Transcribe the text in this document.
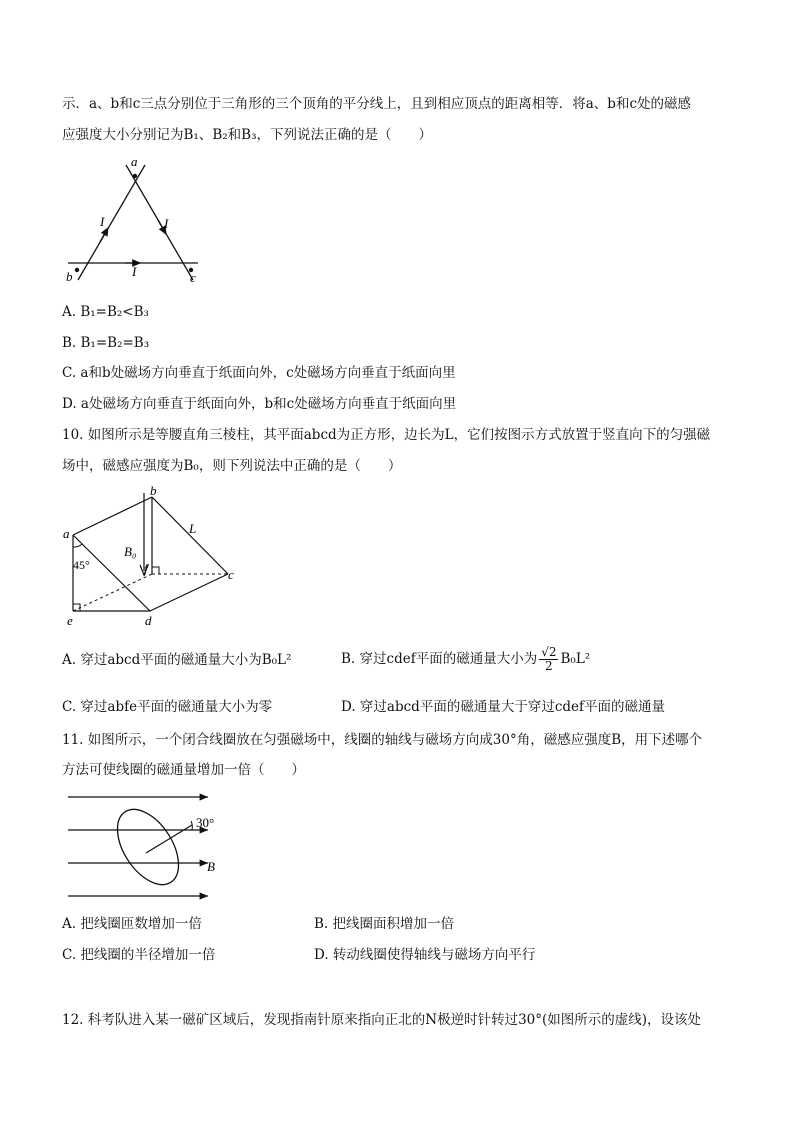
示．a、b和c三点分别位于三角形的三个顶角的平分线上，且到相应顶点的距离相等．将a、b和c处的磁感
应强度大小分别记为B₁、B₂和B₃，下列说法正确的是（　　）
a
b	c
I	I
I
A. B₁=B₂<B₃
B. B₁=B₂=B₃
C. a和b处磁场方向垂直于纸面向外，c处磁场方向垂直于纸面向里
D. a处磁场方向垂直于纸面向外，b和c处磁场方向垂直于纸面向里
10. 如图所示是等腰直角三棱柱，其平面abcd为正方形，边长为L，它们按图示方式放置于竖直向下的匀强磁
场中，磁感应强度为B₀，则下列说法中正确的是（　　）
a
b
c
d
e
f
L
B₀
45°
A. 穿过abcd平面的磁通量大小为B₀L²	B. 穿过cdef平面的磁通量大小为 $\frac{√2}{2} B_0L^2$
C. 穿过abfe平面的磁通量大小为零	D. 穿过abcd平面的磁通量大于穿过cdef平面的磁通量
11. 如图所示，一个闭合线圈放在匀强磁场中，线圈的轴线与磁场方向成30°角，磁感应强度B，用下述哪个
方法可使线圈的磁通量增加一倍（　　）
30°
B
A. 把线圈匝数增加一倍	B. 把线圈面积增加一倍
C. 把线圈的半径增加一倍	D. 转动线圈使得轴线与磁场方向平行
12. 科考队进入某一磁矿区域后，发现指南针原来指向正北的N极逆时针转过30°(如图所示的虚线)，设该处
